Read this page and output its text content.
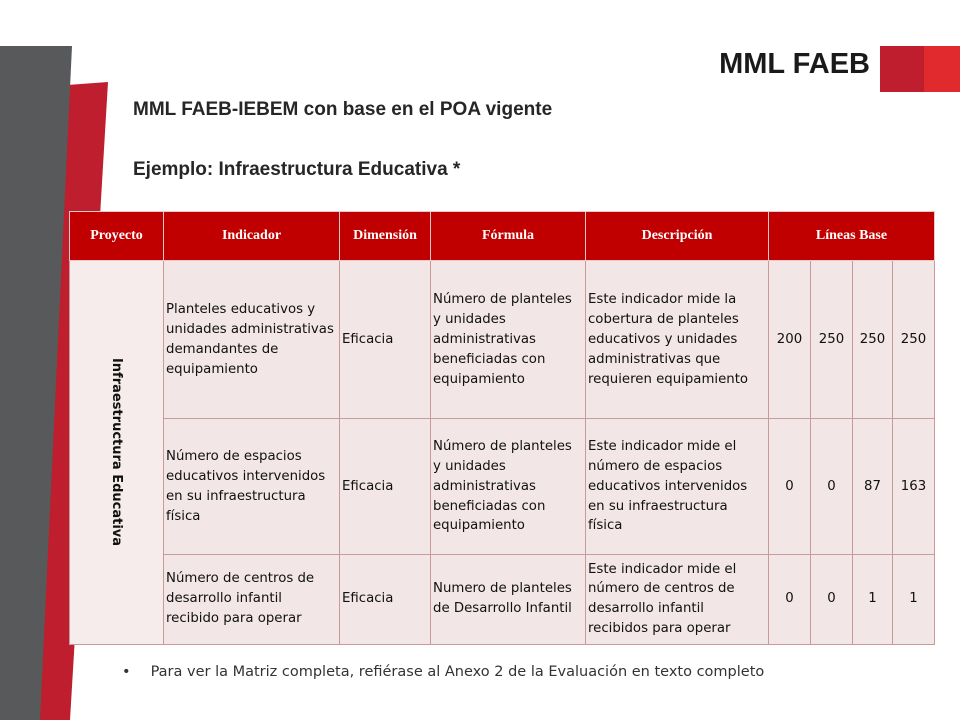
MML FAEB
MML FAEB-IEBEM con base en el POA vigente
Ejemplo: Infraestructura Educativa *
Proyecto	Indicador	Dimensión	Fórmula	Descripción	Líneas Base			

Infraestructura Educativa	Planteles educativos y unidades administrativas demandantes de equipamiento	Eficacia	Número de planteles y unidades administrativas beneficiadas con equipamiento	Este indicador mide la cobertura de planteles educativos y unidades administrativas que requieren equipamiento	200	250	250	250
	Número de espacios educativos intervenidos en su infraestructura física	Eficacia	Número de planteles y unidades administrativas beneficiadas con equipamiento	Este indicador mide el número de espacios educativos intervenidos en su infraestructura física	0	0	87	163
	Número de centros de desarrollo infantil recibido para operar	Eficacia	Numero de planteles de Desarrollo Infantil	Este indicador mide el número de centros de desarrollo infantil recibidos para operar	0	0	1	1
• Para ver la Matriz completa, refiérase al Anexo 2 de la Evaluación en texto completo
